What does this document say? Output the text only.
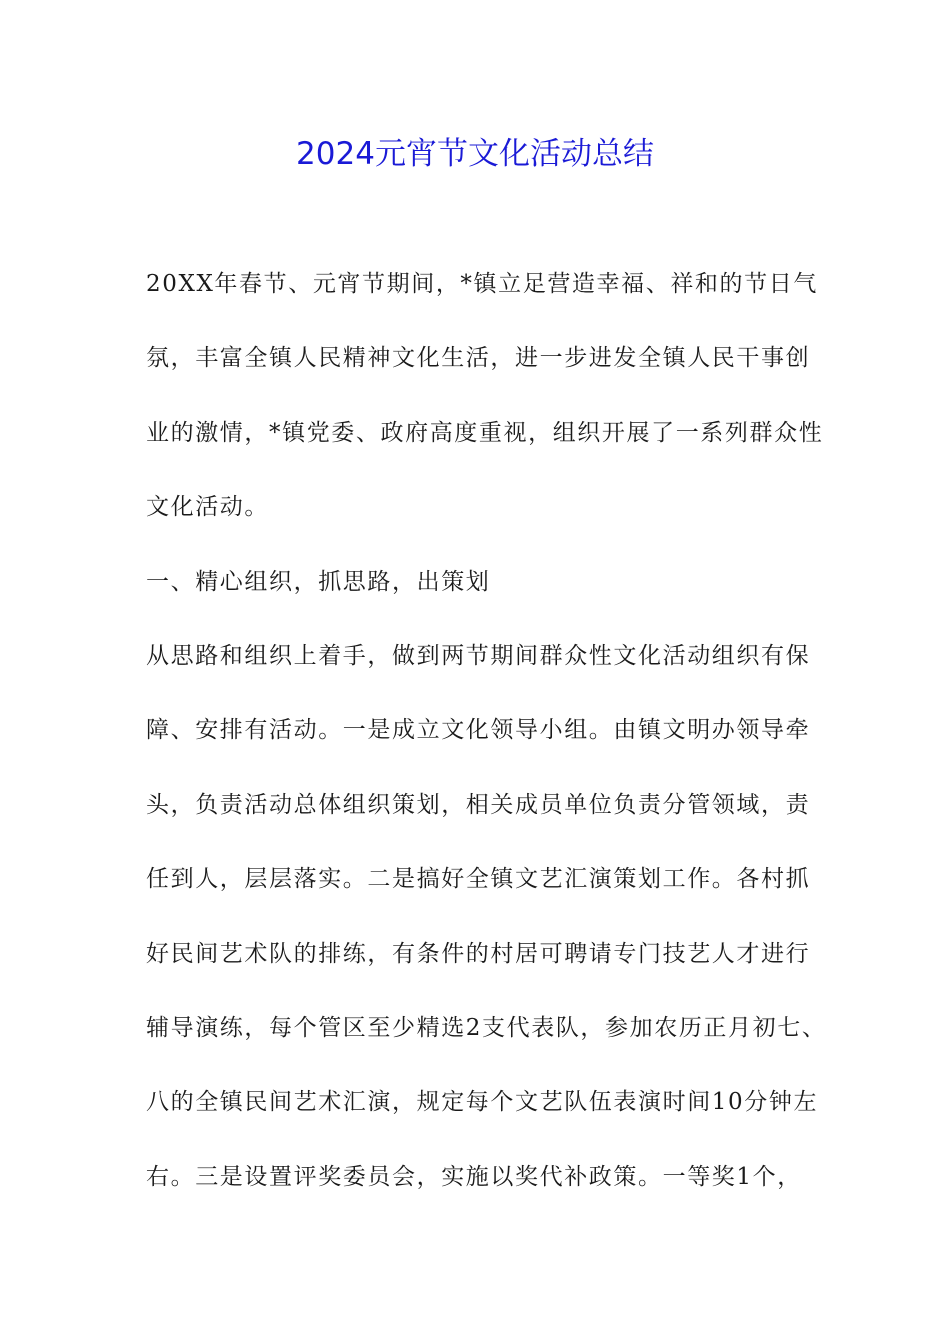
2024元宵节文化活动总结
20XX年春节、元宵节期间，*镇立足营造幸福、祥和的节日气
氛，丰富全镇人民精神文化生活，进一步进发全镇人民干事创
业的激情，*镇党委、政府高度重视，组织开展了一系列群众性
文化活动。
一、精心组织，抓思路，出策划
从思路和组织上着手，做到两节期间群众性文化活动组织有保
障、安排有活动。一是成立文化领导小组。由镇文明办领导牵
头，负责活动总体组织策划，相关成员单位负责分管领域，责
任到人，层层落实。二是搞好全镇文艺汇演策划工作。各村抓
好民间艺术队的排练，有条件的村居可聘请专门技艺人才进行
辅导演练，每个管区至少精选2支代表队，参加农历正月初七、
八的全镇民间艺术汇演，规定每个文艺队伍表演时间10分钟左
右。三是设置评奖委员会，实施以奖代补政策。一等奖1个，
